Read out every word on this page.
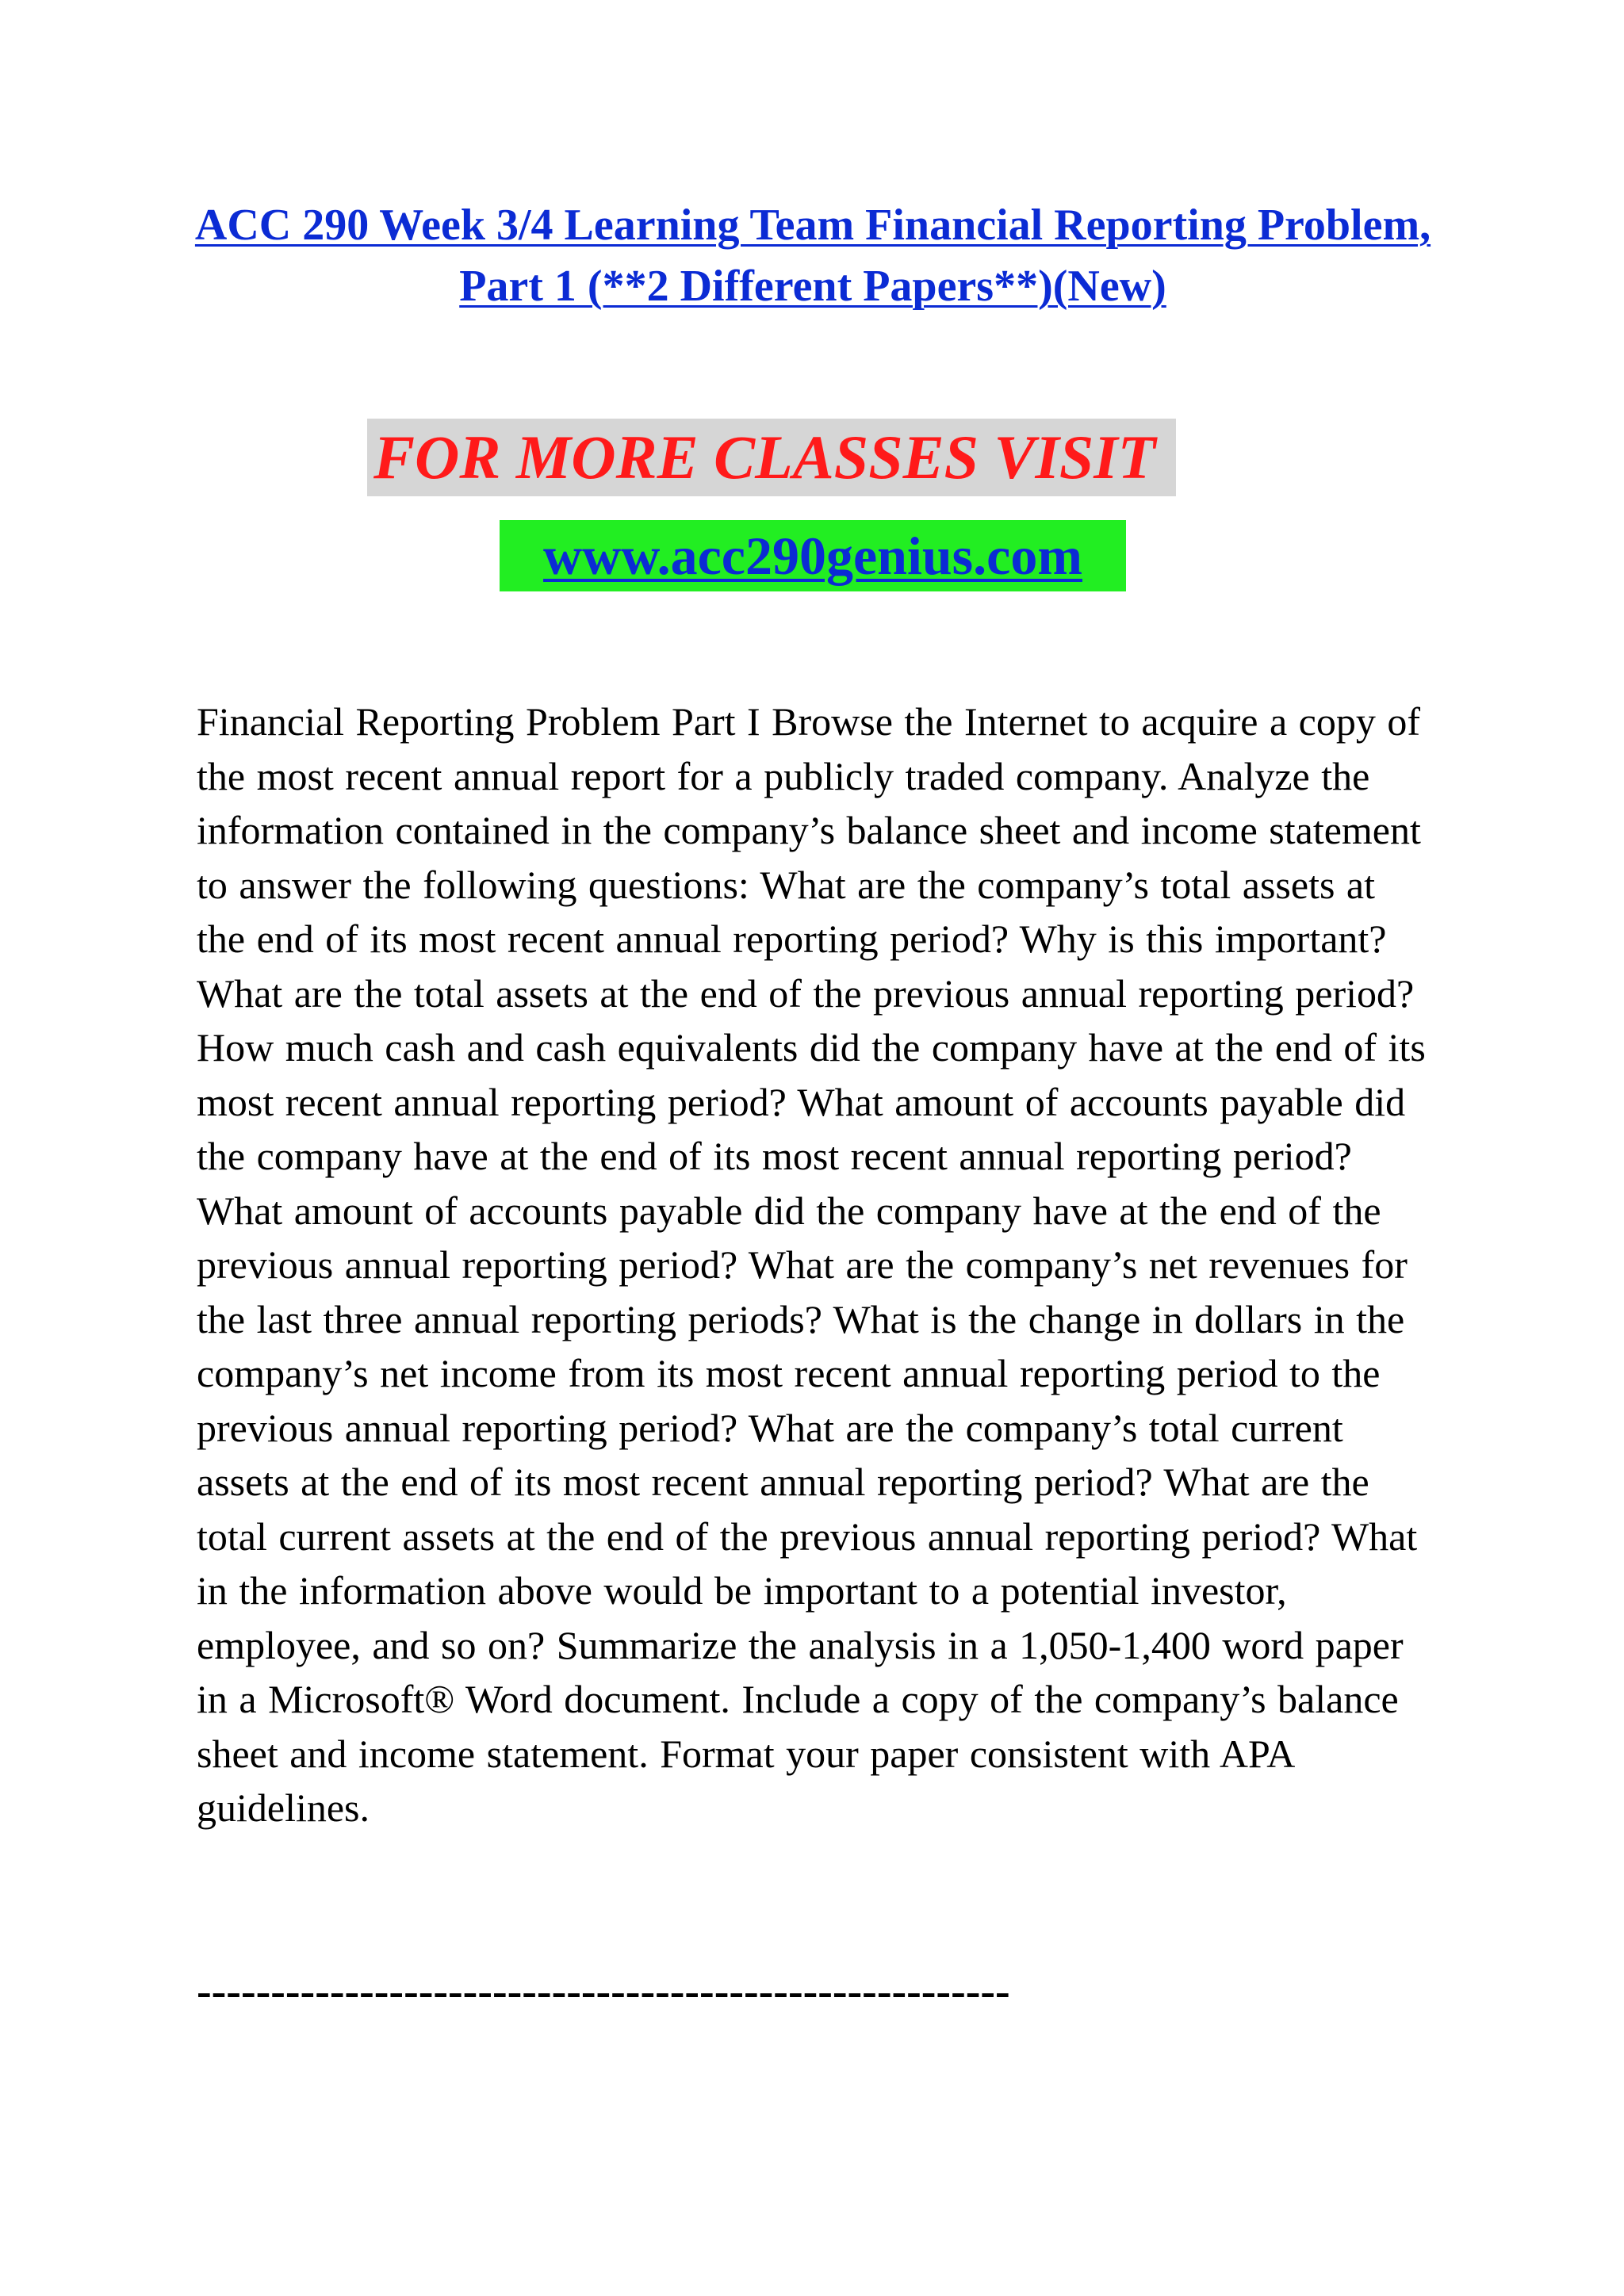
ACC 290 Week 3/4 Learning Team Financial Reporting Problem, Part 1 (**2 Different Papers**)(New)
FOR MORE CLASSES VISIT
www.acc290genius.com

Financial Reporting Problem Part I Browse the Internet to acquire a copy of the most recent annual report for a publicly traded company. Analyze the information contained in the company’s balance sheet and income statement to answer the following questions: What are the company’s total assets at the end of its most recent annual reporting period? Why is this important? What are the total assets at the end of the previous annual reporting period? How much cash and cash equivalents did the company have at the end of its most recent annual reporting period? What amount of accounts payable did the company have at the end of its most recent annual reporting period? What amount of accounts payable did the company have at the end of the previous annual reporting period? What are the company’s net revenues for the last three annual reporting periods? What is the change in dollars in the company’s net income from its most recent annual reporting period to the previous annual reporting period? What are the company’s total current assets at the end of its most recent annual reporting period? What are the total current assets at the end of the previous annual reporting period? What in the information above would be important to a potential investor, employee, and so on? Summarize the analysis in a 1,050-1,400 word paper in a Microsoft® Word document. Include a copy of the company’s balance sheet and income statement. Format your paper consistent with APA guidelines.

-------------------------------------------------------
